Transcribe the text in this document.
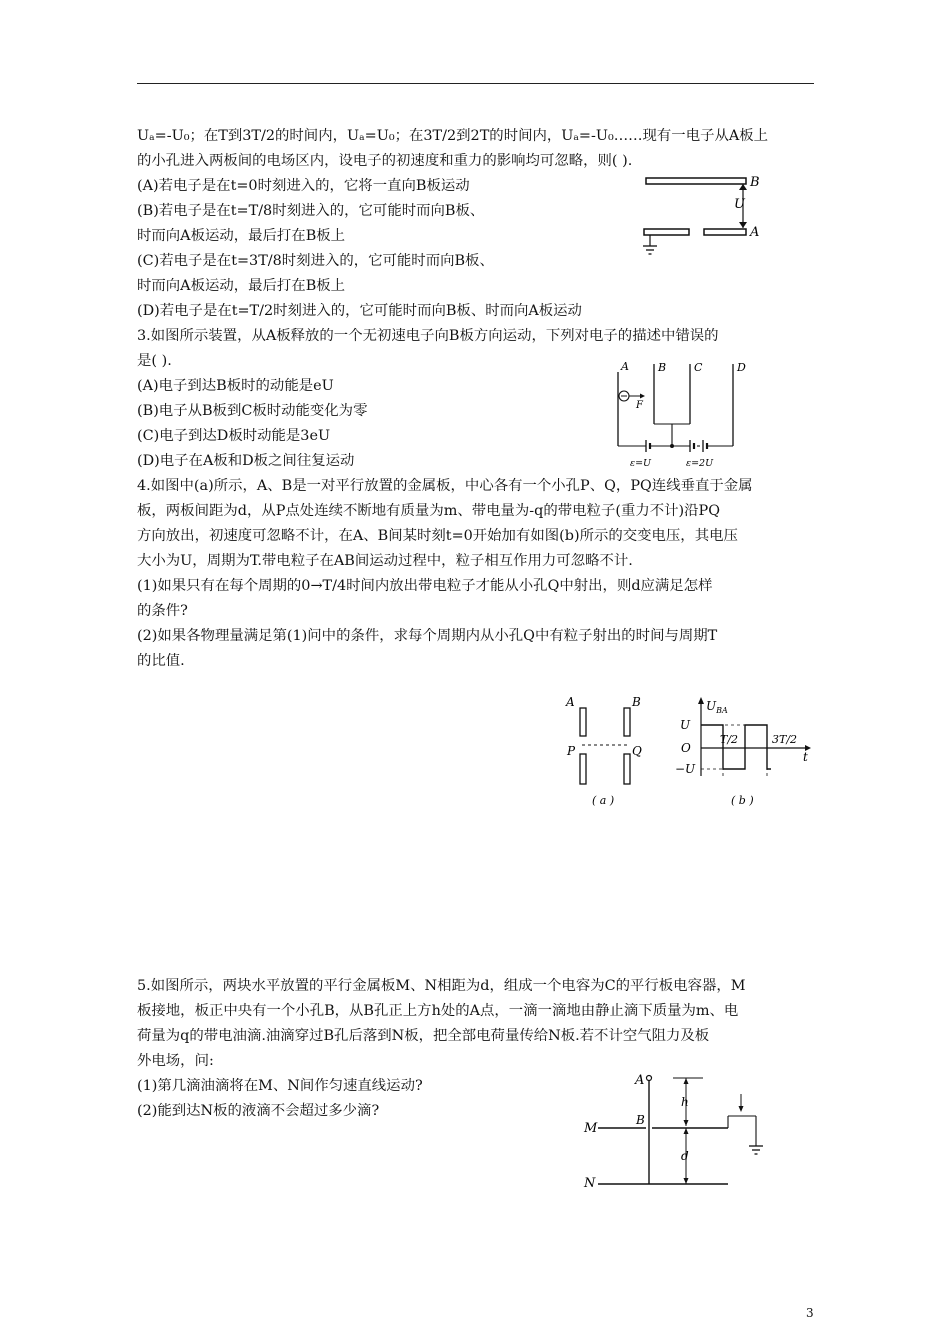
Uₐ=-U₀；在T到3T/2的时间内，Uₐ=U₀；在3T/2到2T的时间内，Uₐ=-U₀……现有一电子从A板上
的小孔进入两板间的电场区内，设电子的初速度和重力的影响均可忽略，则( ).
(A)若电子是在t=0时刻进入的，它将一直向B板运动
(B)若电子是在t=T/8时刻进入的，它可能时而向B板、
时而向A板运动，最后打在B板上
(C)若电子是在t=3T/8时刻进入的，它可能时而向B板、
时而向A板运动，最后打在B板上
(D)若电子是在t=T/2时刻进入的，它可能时而向B板、时而向A板运动
B
U
A
3.如图所示装置，从A板释放的一个无初速电子向B板方向运动，下列对电子的描述中错误的
是( ).
(A)电子到达B板时的动能是eU
(B)电子从B板到C板时动能变化为零
(C)电子到达D板时动能是3eU
(D)电子在A板和D板之间往复运动
A	B	C	D
F
ε=U	ε=2U
4.如图中(a)所示，A、B是一对平行放置的金属板，中心各有一个小孔P、Q，PQ连线垂直于金属
板，两板间距为d，从P点处连续不断地有质量为m、带电量为-q的带电粒子(重力不计)沿PQ
方向放出，初速度可忽略不计，在A、B间某时刻t=0开始加有如图(b)所示的交变电压，其电压
大小为U，周期为T.带电粒子在AB间运动过程中，粒子相互作用力可忽略不计.
(1)如果只有在每个周期的0→T/4时间内放出带电粒子才能从小孔Q中射出，则d应满足怎样
的条件?
(2)如果各物理量满足第(1)问中的条件，求每个周期内从小孔Q中有粒子射出的时间与周期T
的比值.
A	B
P	Q
( a )
$U_{BA}$
t
U
O
−U
T/2	3T/2
( b )
5.如图所示，两块水平放置的平行金属板M、N相距为d，组成一个电容为C的平行板电容器，M
板接地，板正中央有一个小孔B，从B孔正上方h处的A点，一滴一滴地由静止滴下质量为m、电
荷量为q的带电油滴.油滴穿过B孔后落到N板，把全部电荷量传给N板.若不计空气阻力及板
外电场，问:
(1)第几滴油滴将在M、N间作匀速直线运动?
(2)能到达N板的液滴不会超过多少滴?
A
h
M
B
d
N
3
